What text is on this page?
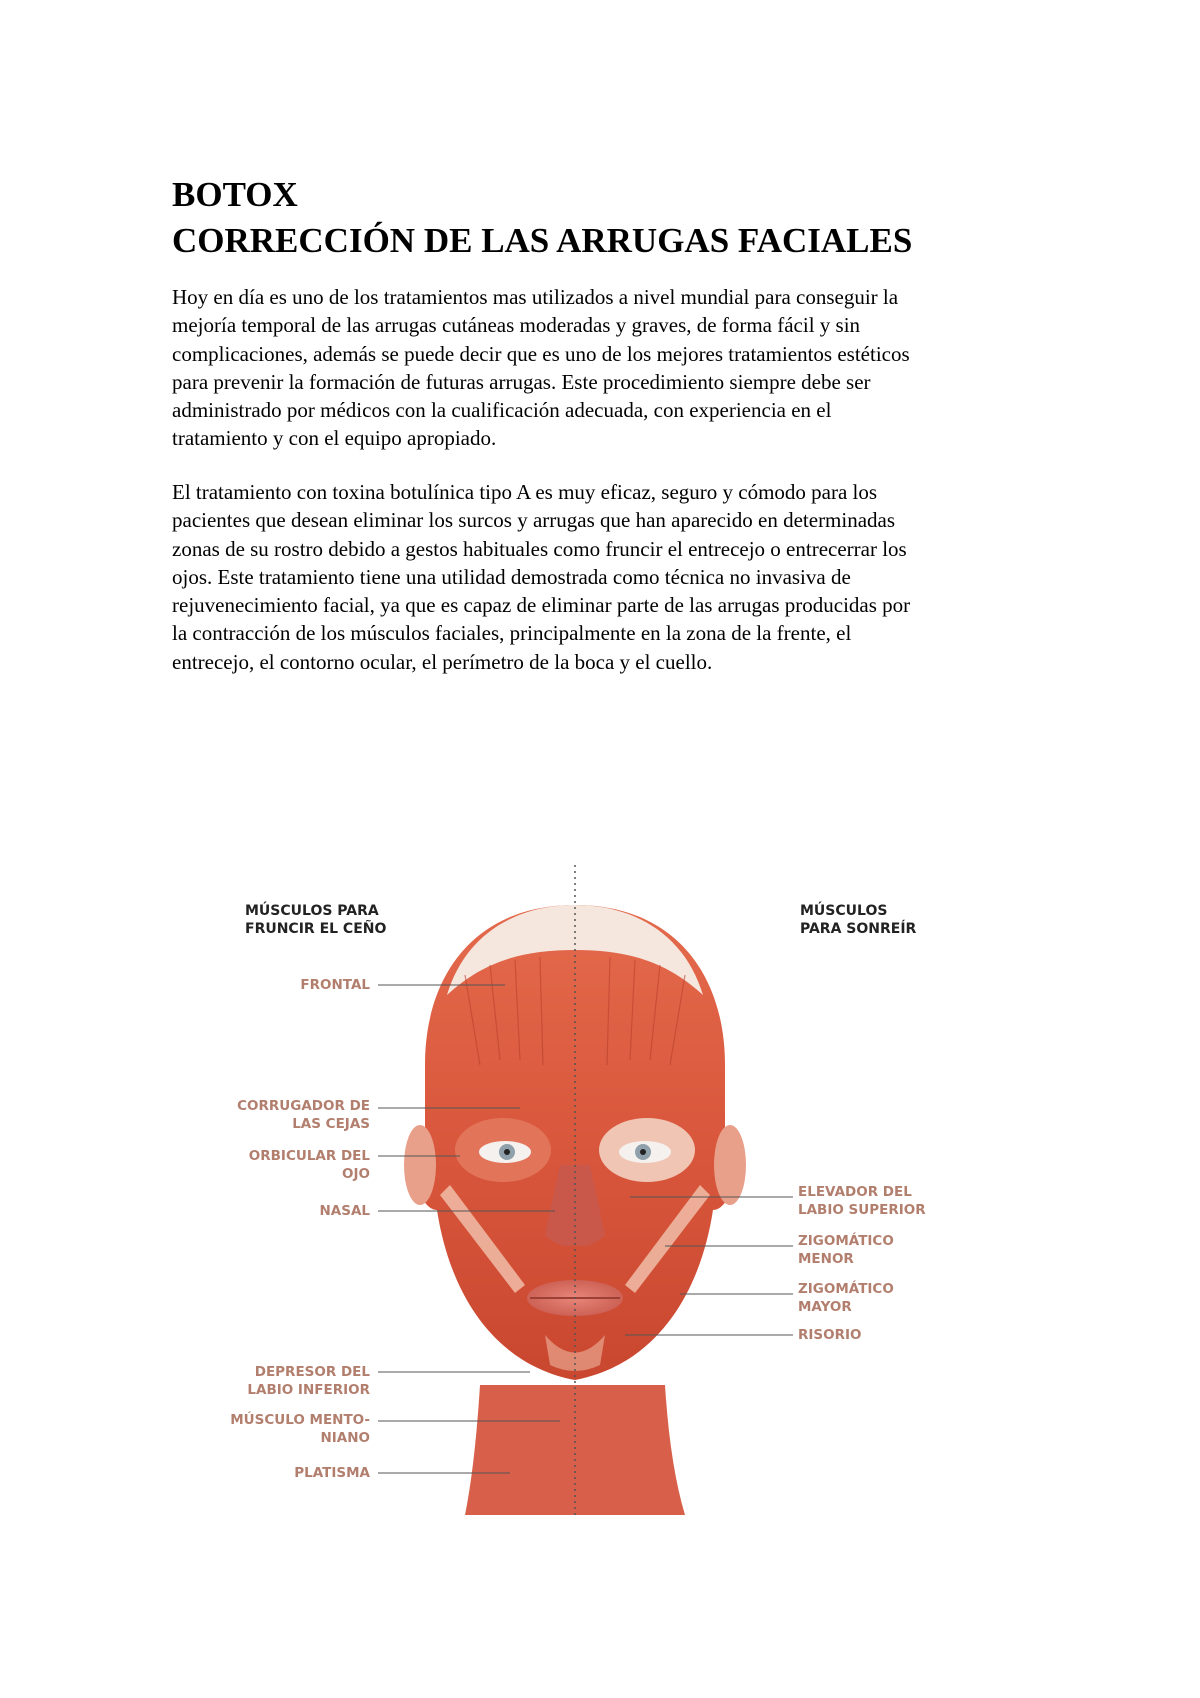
BOTOX
CORRECCIÓN DE LAS ARRUGAS FACIALES

Hoy en día es uno de los tratamientos mas utilizados a nivel mundial para conseguir la
mejoría temporal de las arrugas cutáneas moderadas y graves, de forma fácil y sin
complicaciones, además se puede decir que es uno de los mejores tratamientos estéticos
para prevenir la formación de futuras arrugas. Este procedimiento siempre debe ser
administrado por médicos con la cualificación adecuada, con experiencia en el
tratamiento y con el equipo apropiado.

El tratamiento con toxina botulínica tipo A es muy eficaz, seguro y cómodo para los
pacientes que desean eliminar los surcos y arrugas que han aparecido en determinadas
zonas de su rostro debido a gestos habituales como fruncir el entrecejo o entrecerrar los
ojos. Este tratamiento tiene una utilidad demostrada como técnica no invasiva de
rejuvenecimiento facial, ya que es capaz de eliminar parte de las arrugas producidas por
la contracción de los músculos faciales, principalmente en la zona de la frente, el
entrecejo, el contorno ocular, el perímetro de la boca y el cuello.

MÚSCULOS PARA
FRUNCIR EL CEÑO
MÚSCULOS
PARA SONREÍR
FRONTAL
CORRUGADOR DE
LAS CEJAS
ORBICULAR DEL
OJO
NASAL
DEPRESOR DEL
LABIO INFERIOR
MÚSCULO MENTO-
NIANO
PLATISMA
ELEVADOR DEL
LABIO SUPERIOR
ZIGOMÁTICO
MENOR
ZIGOMÁTICO
MAYOR
RISORIO
